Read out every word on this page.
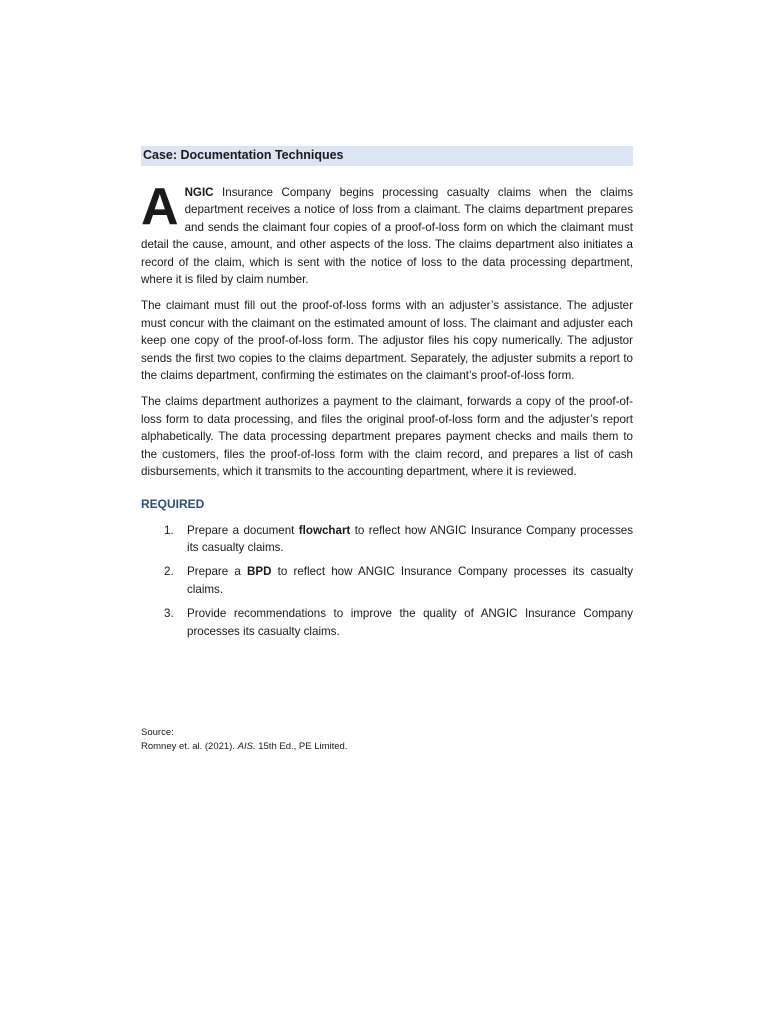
Case: Documentation Techniques

ANGIC Insurance Company begins processing casualty claims when the claims department receives a notice of loss from a claimant. The claims department prepares and sends the claimant four copies of a proof-of-loss form on which the claimant must detail the cause, amount, and other aspects of the loss. The claims department also initiates a record of the claim, which is sent with the notice of loss to the data processing department, where it is filed by claim number.

The claimant must fill out the proof-of-loss forms with an adjuster’s assistance. The adjuster must concur with the claimant on the estimated amount of loss. The claimant and adjuster each keep one copy of the proof-of-loss form. The adjustor files his copy numerically. The adjustor sends the first two copies to the claims department. Separately, the adjuster submits a report to the claims department, confirming the estimates on the claimant’s proof-of-loss form.

The claims department authorizes a payment to the claimant, forwards a copy of the proof-of-loss form to data processing, and files the original proof-of-loss form and the adjuster’s report alphabetically. The data processing department prepares payment checks and mails them to the customers, files the proof-of-loss form with the claim record, and prepares a list of cash disbursements, which it transmits to the accounting department, where it is reviewed.

REQUIRED
1. Prepare a document flowchart to reflect how ANGIC Insurance Company processes its casualty claims.
2. Prepare a BPD to reflect how ANGIC Insurance Company processes its casualty claims.
3. Provide recommendations to improve the quality of ANGIC Insurance Company processes its casualty claims.
Source:
Romney et. al. (2021). AIS. 15th Ed., PE Limited.
